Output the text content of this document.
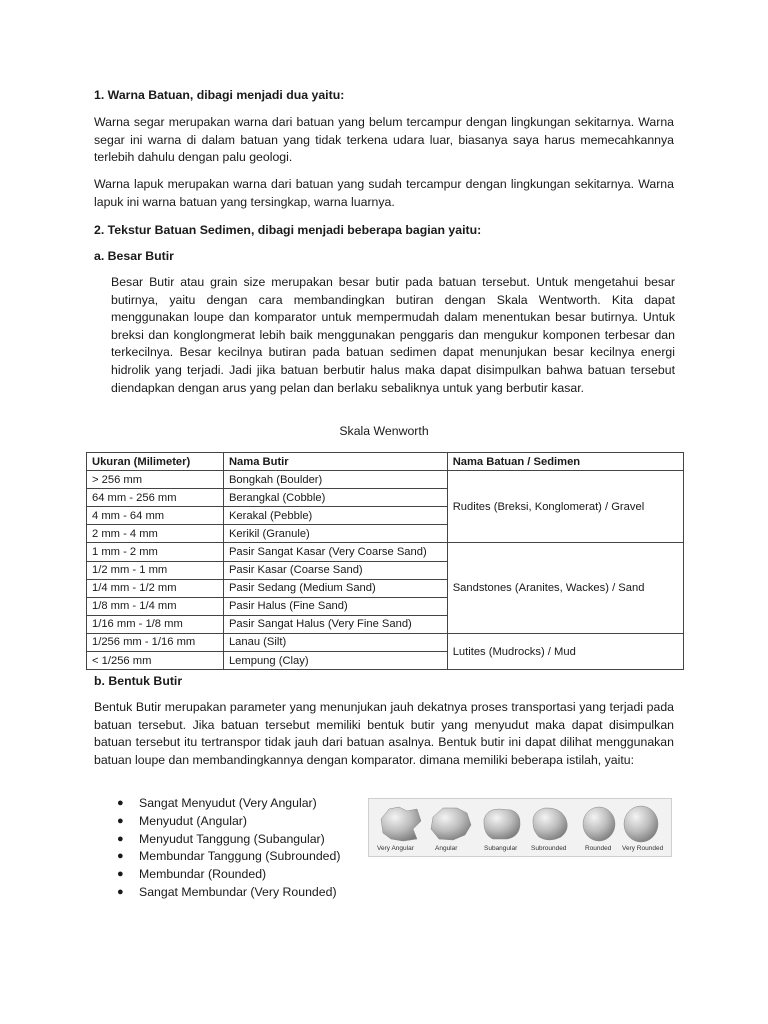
1. Warna Batuan, dibagi menjadi dua yaitu:

Warna segar merupakan warna dari batuan yang belum tercampur dengan lingkungan sekitarnya. Warna segar ini warna di dalam batuan yang tidak terkena udara luar, biasanya saya harus memecahkannya terlebih dahulu dengan palu geologi.

Warna lapuk merupakan warna dari batuan yang sudah tercampur dengan lingkungan sekitarnya. Warna lapuk ini warna batuan yang tersingkap, warna luarnya.

2. Tekstur Batuan Sedimen, dibagi menjadi beberapa bagian yaitu:

a. Besar Butir

Besar Butir atau grain size merupakan besar butir pada batuan tersebut. Untuk mengetahui besar butirnya, yaitu dengan cara membandingkan butiran dengan Skala Wentworth. Kita dapat menggunakan loupe dan komparator untuk mempermudah dalam menentukan besar butirnya. Untuk breksi dan konglongmerat lebih baik menggunakan penggaris dan mengukur komponen terbesar dan terkecilnya. Besar kecilnya butiran pada batuan sedimen dapat menunjukan besar kecilnya energi hidrolik yang terjadi. Jadi jika batuan berbutir halus maka dapat disimpulkan bahwa batuan tersebut diendapkan dengan arus yang pelan dan berlaku sebaliknya untuk yang berbutir kasar.

Skala Wenworth

Ukuran (Milimeter)	Nama Butir	Nama Batuan / Sedimen
> 256 mm	Bongkah (Boulder)	Rudites (Breksi, Konglomerat) / Gravel
64 mm - 256 mm	Berangkal (Cobble)	
4 mm - 64 mm	Kerakal (Pebble)	
2 mm - 4 mm	Kerikil (Granule)	
1 mm - 2 mm	Pasir Sangat Kasar (Very Coarse Sand)	Sandstones (Aranites, Wackes) / Sand
1/2 mm - 1 mm	Pasir Kasar (Coarse Sand)	
1/4 mm - 1/2 mm	Pasir Sedang (Medium Sand)	
1/8 mm - 1/4 mm	Pasir Halus (Fine Sand)	
1/16 mm - 1/8 mm	Pasir Sangat Halus (Very Fine Sand)	
1/256 mm - 1/16 mm	Lanau (Silt)	Lutites (Mudrocks) / Mud
< 1/256 mm	Lempung (Clay)	

b. Bentuk Butir

Bentuk Butir merupakan parameter yang menunjukan jauh dekatnya proses transportasi yang terjadi pada batuan tersebut. Jika batuan tersebut memiliki bentuk butir yang menyudut maka dapat disimpulkan batuan tersebut itu tertranspor tidak jauh dari batuan asalnya. Bentuk butir ini dapat dilihat menggunakan batuan loupe dan membandingkannya dengan komparator. dimana memiliki beberapa istilah, yaitu:

● Sangat Menyudut (Very Angular)
● Menyudut (Angular)
● Menyudut Tanggung (Subangular)
● Membundar Tanggung (Subrounded)
● Membundar (Rounded)
● Sangat Membundar (Very Rounded)
Very Angular	Angular	Subangular Subrounded	Rounded Very Rounded
